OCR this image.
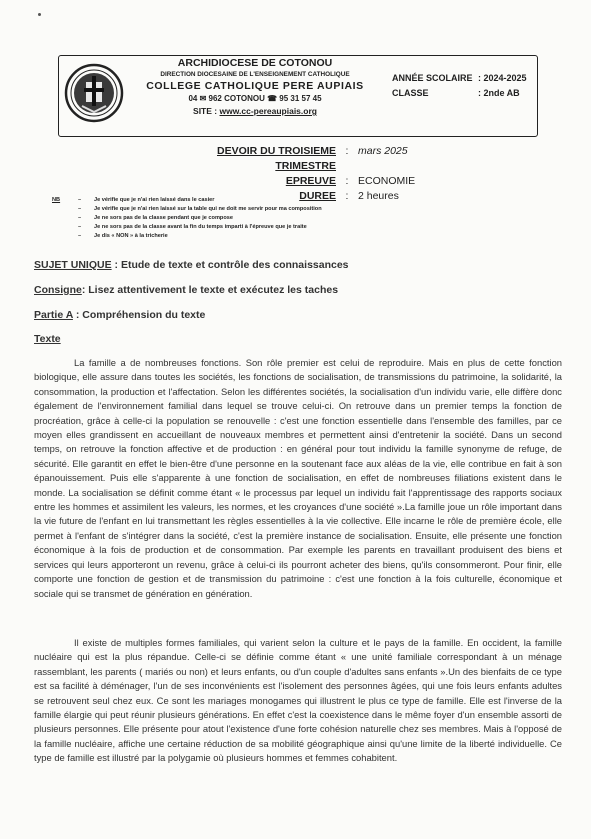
ARCHIDIOCESE DE COTONOU
DIRECTION DIOCESAINE DE L'ENSEIGNEMENT CATHOLIQUE
COLLEGE CATHOLIQUE PERE AUPIAIS
04 ✉ 962 COTONOU ☎ 95 31 57 45
SITE : www.cc-pereaupiais.org
ANNÉE SCOLAIRE : 2024-2025
CLASSE	: 2nde AB
DEVOIR DU TROISIEME TRIMESTRE
: mars 2025
EPREUVE : ECONOMIE
DUREE : 2 heures
NB	– Je vérifie que je n'ai rien laissé dans le casier
– Je vérifie que je n'ai rien laissé sur la table qui ne doit me servir pour ma composition
– Je ne sors pas de la classe pendant que je compose
– Je ne sors pas de la classe avant la fin du temps imparti à l'épreuve que je traite
– Je dis « NON » à la tricherie
SUJET UNIQUE : Etude de texte et contrôle des connaissances
Consigne: Lisez attentivement le texte et exécutez les taches
Partie A : Compréhension du texte
Texte

La famille a de nombreuses fonctions. Son rôle premier est celui de reproduire. Mais en plus de cette fonction biologique, elle assure dans toutes les sociétés, les fonctions de socialisation, de transmissions du patrimoine, la solidarité, la consommation, la production et l'affectation. Selon les différentes sociétés, la socialisation d'un individu varie, elle diffère donc également de l'environnement familial dans lequel se trouve celui-ci. On retrouve dans un premier temps la fonction de procréation, grâce à celle-ci la population se renouvelle : c'est une fonction essentielle dans l'ensemble des familles, par ce moyen elles grandissent en accueillant de nouveaux membres et permettent ainsi d'entretenir la société. Dans un second temps, on retrouve la fonction affective et de production : en général pour tout individu la famille synonyme de refuge, de sécurité. Elle garantit en effet le bien-être d'une personne en la soutenant face aux aléas de la vie, elle contribue en fait à son épanouissement. Puis elle s'apparente à une fonction de socialisation, en effet de nombreuses filiations existent dans le monde. La socialisation se définit comme étant « le processus par lequel un individu fait l'apprentissage des rapports sociaux entre les hommes et assimilent les valeurs, les normes, et les croyances d'une société ».La famille joue un rôle important dans la vie future de l'enfant en lui transmettant les règles essentielles à la vie collective. Elle incarne le rôle de première école, elle permet à l'enfant de s'intégrer dans la société, c'est la première instance de socialisation. Ensuite, elle présente une fonction économique à la fois de production et de consommation. Par exemple les parents en travaillant produisent des biens et services qui leurs apporteront un revenu, grâce à celui-ci ils pourront acheter des biens, qu'ils consommeront. Pour finir, elle comporte une fonction de gestion et de transmission du patrimoine : c'est une fonction à la fois culturelle, économique et sociale qui se transmet de génération en génération.

Il existe de multiples formes familiales, qui varient selon la culture et le pays de la famille. En occident, la famille nucléaire qui est la plus répandue. Celle-ci se définie comme étant « une unité familiale correspondant à un ménage rassemblant, les parents ( mariés ou non) et leurs enfants, ou d'un couple d'adultes sans enfants ».Un des bienfaits de ce type est sa facilité à déménager, l'un de ses inconvénients est l'isolement des personnes âgées, qui une fois leurs enfants adultes se retrouvent seul chez eux. Ce sont les mariages monogames qui illustrent le plus ce type de famille. Elle est l'inverse de la famille élargie qui peut réunir plusieurs générations. En effet c'est la coexistence dans le même foyer d'un ensemble assorti de plusieurs personnes. Elle présente pour atout l'existence d'une forte cohésion naturelle chez ses membres. Mais à l'opposé de la famille nucléaire, affiche une certaine réduction de sa mobilité géographique ainsi qu'une limite de la liberté individuelle. Ce type de famille est illustré par la polygamie où plusieurs hommes et femmes cohabitent.
